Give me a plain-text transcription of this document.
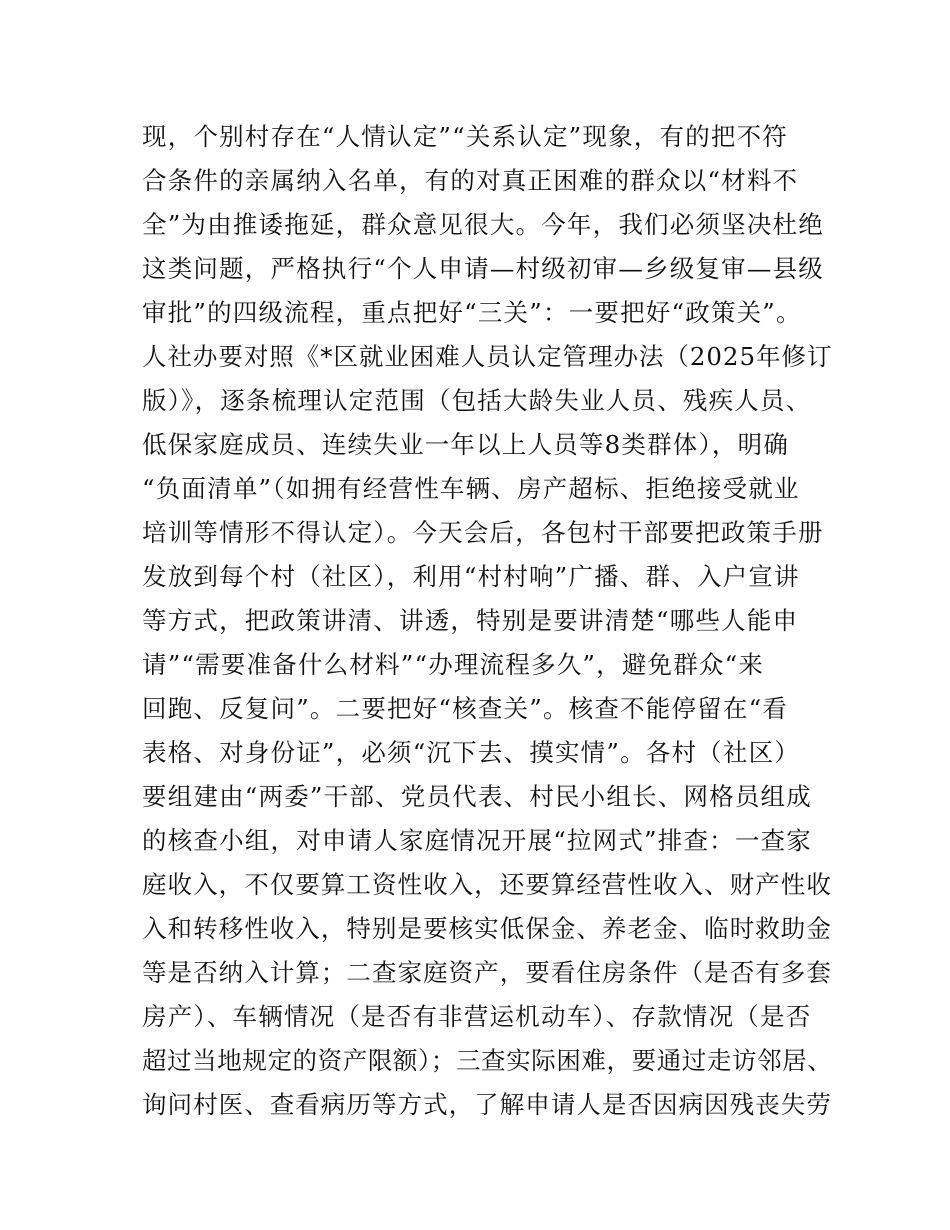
现，个别村存在“人情认定”“关系认定”现象，有的把不符
合条件的亲属纳入名单，有的对真正困难的群众以“材料不
全”为由推诿拖延，群众意见很大。今年，我们必须坚决杜绝
这类问题，严格执行“个人申请—村级初审—乡级复审—县级
审批”的四级流程，重点把好“三关”：一要把好“政策关”。
人社办要对照《*区就业困难人员认定管理办法（2025年修订
版）》，逐条梳理认定范围（包括大龄失业人员、残疾人员、
低保家庭成员、连续失业一年以上人员等8类群体），明确
“负面清单”（如拥有经营性车辆、房产超标、拒绝接受就业
培训等情形不得认定）。今天会后，各包村干部要把政策手册
发放到每个村（社区），利用“村村响”广播、群、入户宣讲
等方式，把政策讲清、讲透，特别是要讲清楚“哪些人能申
请”“需要准备什么材料”“办理流程多久”，避免群众“来
回跑、反复问”。二要把好“核查关”。核查不能停留在“看
表格、对身份证”，必须“沉下去、摸实情”。各村（社区）
要组建由“两委”干部、党员代表、村民小组长、网格员组成
的核查小组，对申请人家庭情况开展“拉网式”排查：一查家
庭收入，不仅要算工资性收入，还要算经营性收入、财产性收
入和转移性收入，特别是要核实低保金、养老金、临时救助金
等是否纳入计算；二查家庭资产，要看住房条件（是否有多套
房产）、车辆情况（是否有非营运机动车）、存款情况（是否
超过当地规定的资产限额）；三查实际困难，要通过走访邻居、
询问村医、查看病历等方式，了解申请人是否因病因残丧失劳
